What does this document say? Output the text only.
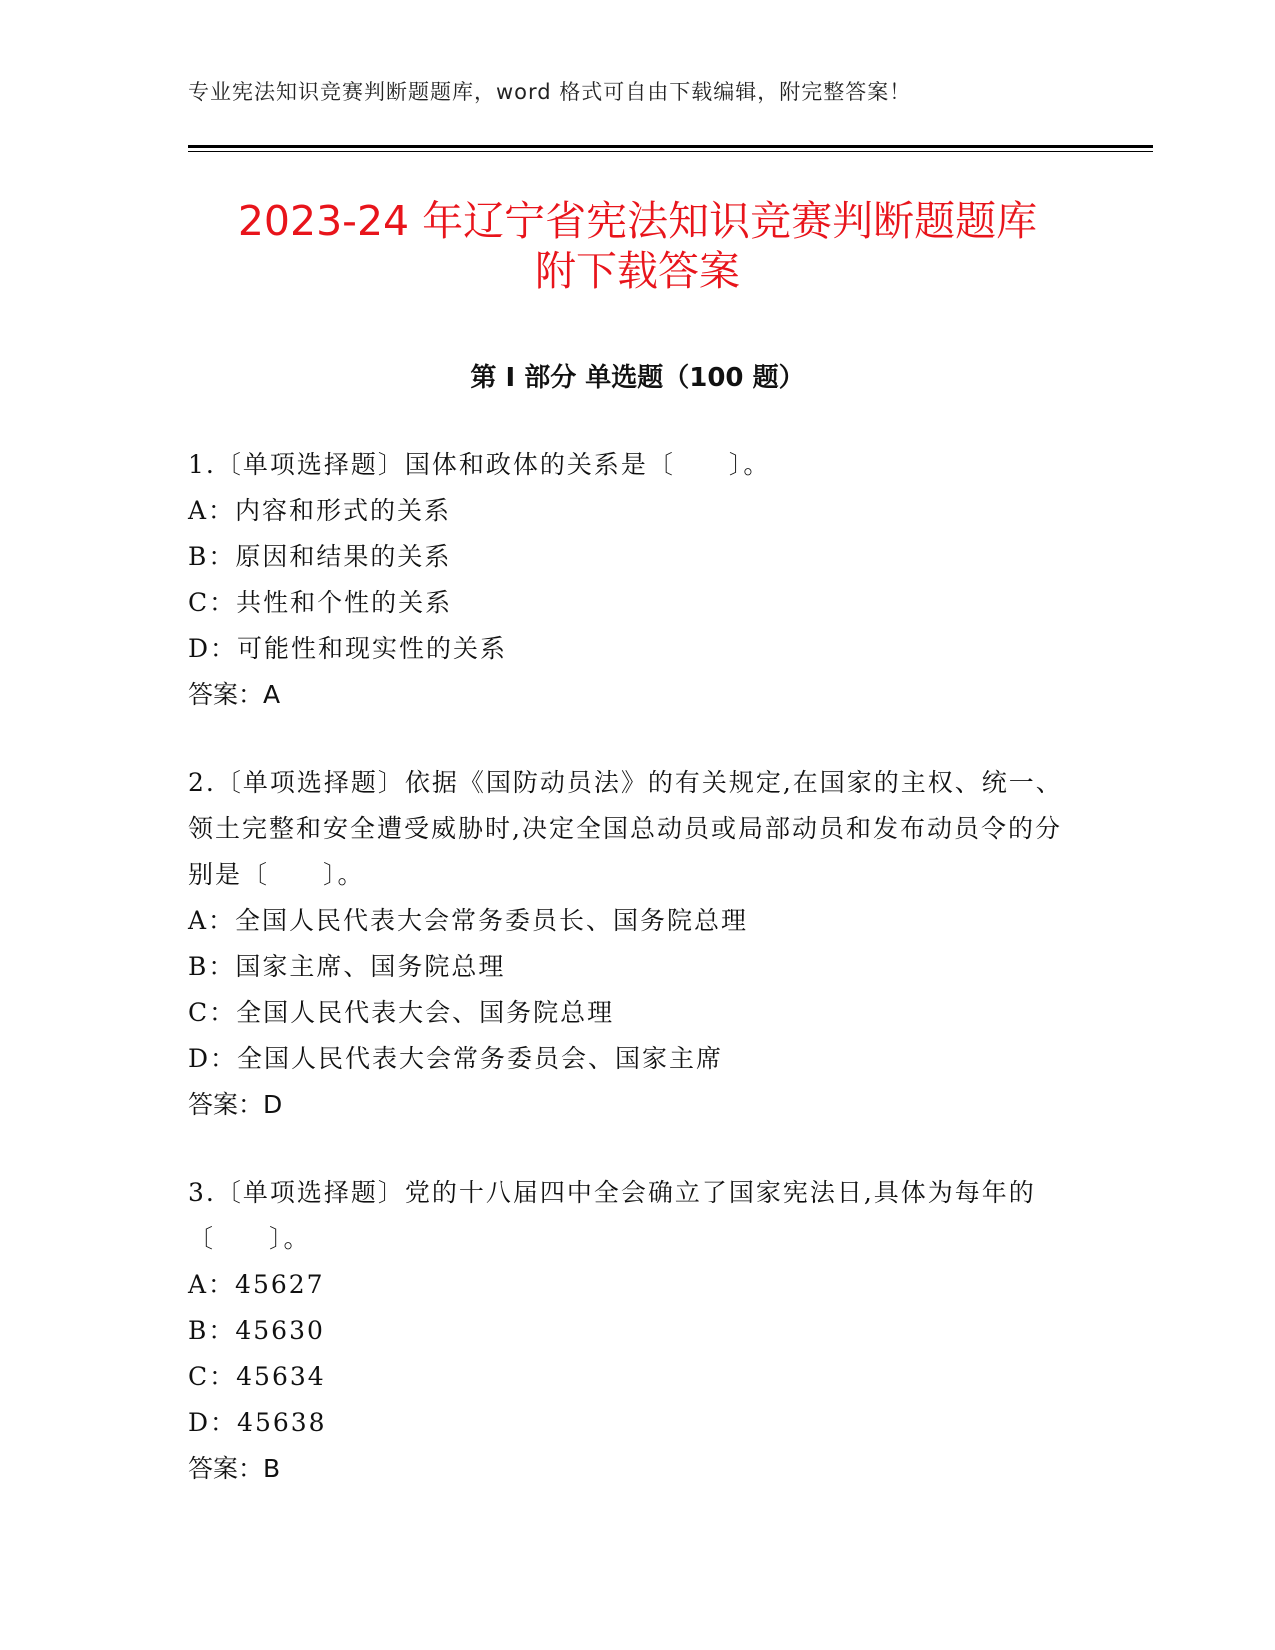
专业宪法知识竞赛判断题题库，word 格式可自由下载编辑，附完整答案！
2023-24 年辽宁省宪法知识竞赛判断题题库
附下载答案
第 I 部分 单选题（100 题）

1.〔单项选择题〕国体和政体的关系是〔　　〕。

A：内容和形式的关系

B：原因和结果的关系

C：共性和个性的关系

D：可能性和现实性的关系

答案：A

2.〔单项选择题〕依据《国防动员法》的有关规定,在国家的主权、统一、领土完整和安全遭受威胁时,决定全国总动员或局部动员和发布动员令的分别是〔　　〕。

A：全国人民代表大会常务委员长、国务院总理

B：国家主席、国务院总理

C：全国人民代表大会、国务院总理

D：全国人民代表大会常务委员会、国家主席

答案：D

3.〔单项选择题〕党的十八届四中全会确立了国家宪法日,具体为每年的〔　　〕。

A：45627

B：45630

C：45634

D：45638

答案：B
